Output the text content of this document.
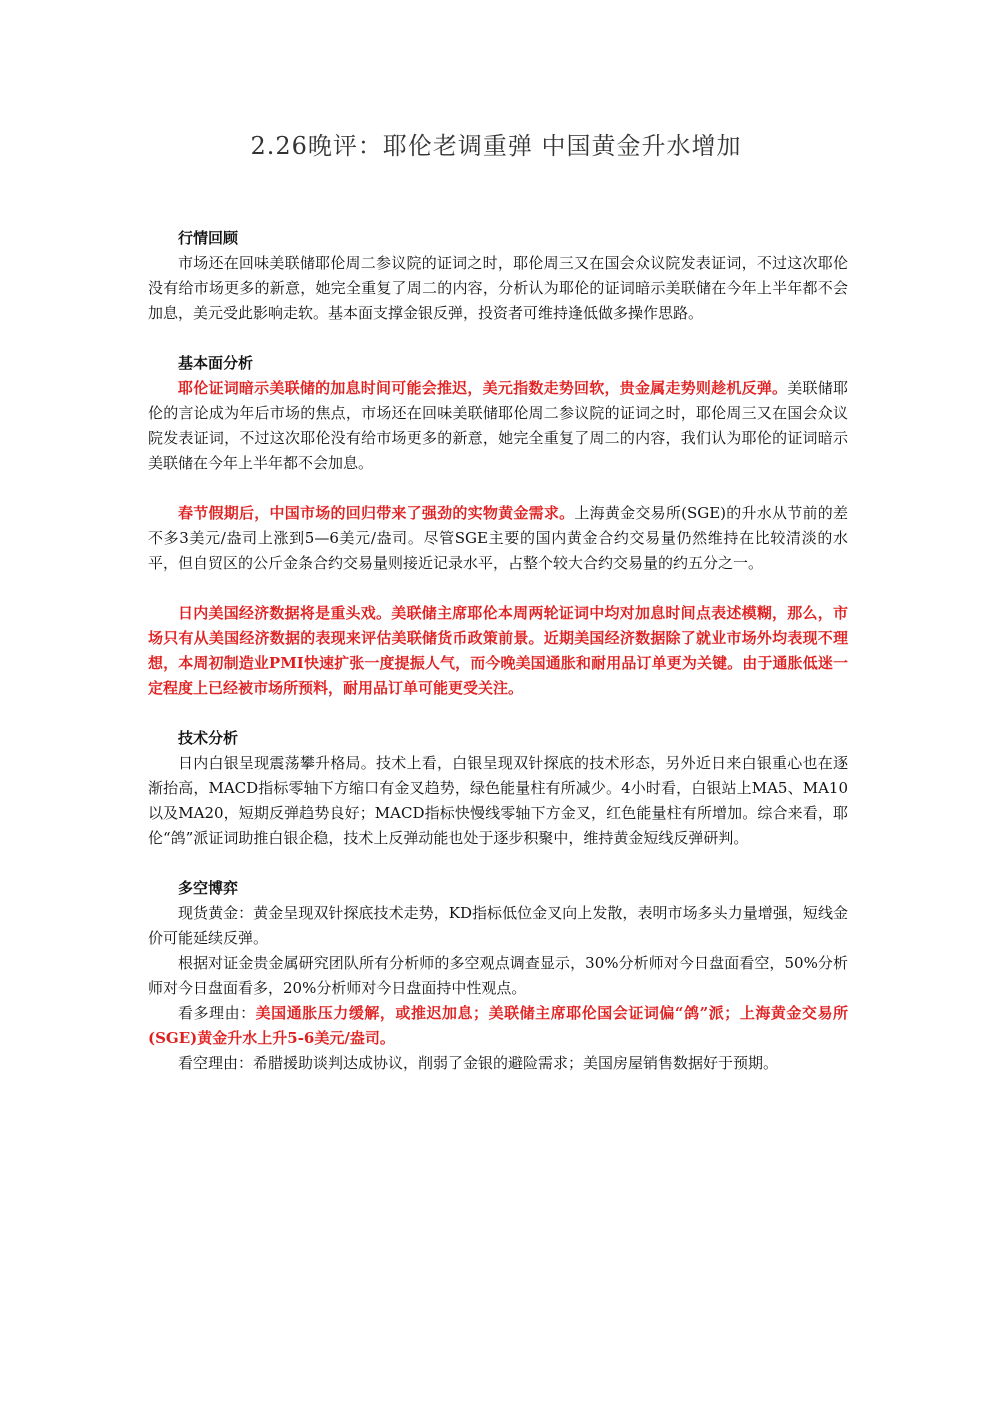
2.26晚评：耶伦老调重弹 中国黄金升水增加

行情回顾

市场还在回味美联储耶伦周二参议院的证词之时，耶伦周三又在国会众议院发表证词，不过这次耶伦没有给市场更多的新意，她完全重复了周二的内容，分析认为耶伦的证词暗示美联储在今年上半年都不会加息，美元受此影响走软。基本面支撑金银反弹，投资者可维持逢低做多操作思路。

基本面分析

耶伦证词暗示美联储的加息时间可能会推迟，美元指数走势回软，贵金属走势则趁机反弹。美联储耶伦的言论成为年后市场的焦点，市场还在回味美联储耶伦周二参议院的证词之时，耶伦周三又在国会众议院发表证词，不过这次耶伦没有给市场更多的新意，她完全重复了周二的内容，我们认为耶伦的证词暗示美联储在今年上半年都不会加息。

春节假期后，中国市场的回归带来了强劲的实物黄金需求。上海黄金交易所(SGE)的升水从节前的差不多3美元/盎司上涨到5—6美元/盎司。尽管SGE主要的国内黄金合约交易量仍然维持在比较清淡的水平，但自贸区的公斤金条合约交易量则接近记录水平，占整个较大合约交易量的约五分之一。

日内美国经济数据将是重头戏。美联储主席耶伦本周两轮证词中均对加息时间点表述模糊，那么，市场只有从美国经济数据的表现来评估美联储货币政策前景。近期美国经济数据除了就业市场外均表现不理想，本周初制造业PMI快速扩张一度提振人气，而今晚美国通胀和耐用品订单更为关键。由于通胀低迷一定程度上已经被市场所预料，耐用品订单可能更受关注。

技术分析

日内白银呈现震荡攀升格局。技术上看，白银呈现双针探底的技术形态，另外近日来白银重心也在逐渐抬高，MACD指标零轴下方缩口有金叉趋势，绿色能量柱有所减少。4小时看，白银站上MA5、MA10以及MA20，短期反弹趋势良好；MACD指标快慢线零轴下方金叉，红色能量柱有所增加。综合来看，耶伦“鸽”派证词助推白银企稳，技术上反弹动能也处于逐步积聚中，维持黄金短线反弹研判。

多空博弈

现货黄金：黄金呈现双针探底技术走势，KD指标低位金叉向上发散，表明市场多头力量增强，短线金价可能延续反弹。

根据对证金贵金属研究团队所有分析师的多空观点调查显示，30%分析师对今日盘面看空，50%分析师对今日盘面看多，20%分析师对今日盘面持中性观点。

看多理由：美国通胀压力缓解，或推迟加息；美联储主席耶伦国会证词偏“鸽”派；上海黄金交易所(SGE)黄金升水上升5-6美元/盎司。

看空理由：希腊援助谈判达成协议，削弱了金银的避险需求；美国房屋销售数据好于预期。
